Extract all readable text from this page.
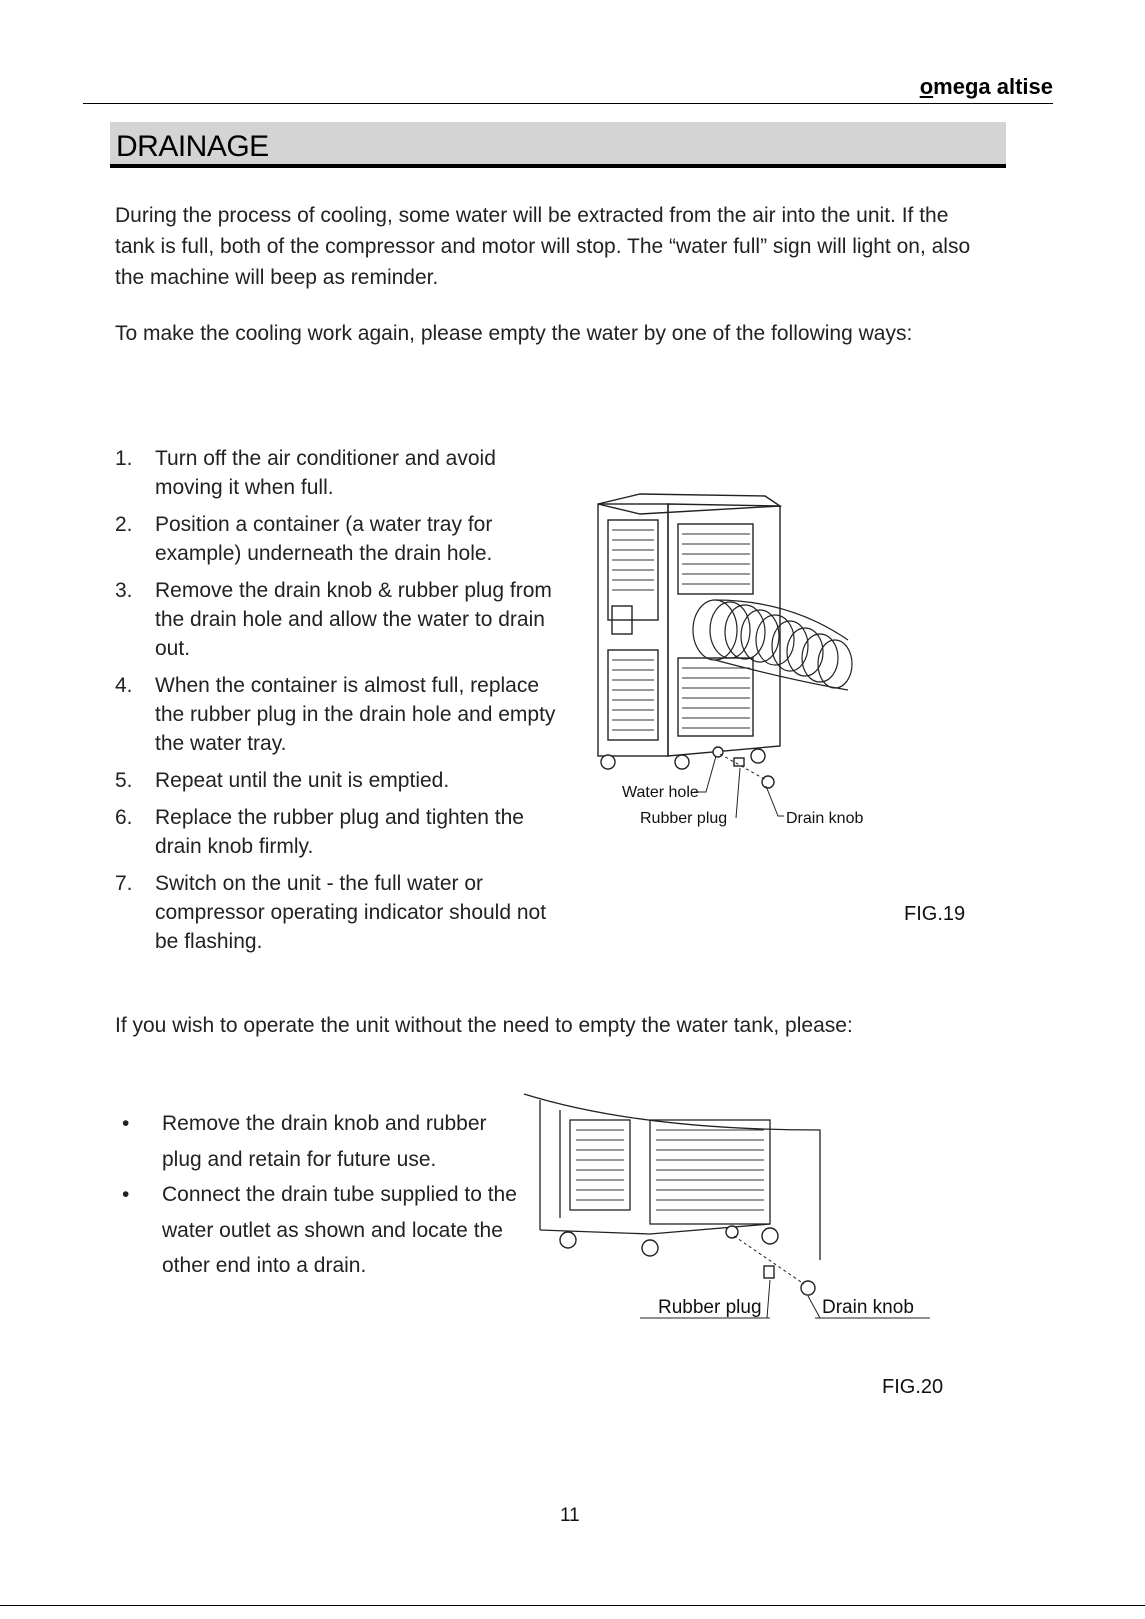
omega altise
DRAINAGE
During the process of cooling, some water will be extracted from the air into the unit. If the
tank is full, both of the compressor and motor will stop. The “water full” sign will light on, also
the machine will beep as reminder.
To make the cooling work again, please empty the water by one of the following ways:
1. Turn off the air conditioner and avoid moving it when full.
2. Position a container (a water tray for example) underneath the drain hole.
3. Remove the drain knob & rubber plug from the drain hole and allow the water to drain out.
4. When the container is almost full, replace the rubber plug in the drain hole and empty the water tray.
5. Repeat until the unit is emptied.
6. Replace the rubber plug and tighten the drain knob firmly.
7. Switch on the unit - the full water or compressor operating indicator should not be flashing.
Water hole
Rubber plug	Drain knob
FIG.19
If you wish to operate the unit without the need to empty the water tank, please:
• Remove the drain knob and rubber plug and retain for future use.
• Connect the drain tube supplied to the water outlet as shown and locate the other end into a drain.
Rubber plug	Drain knob
FIG.20
11
